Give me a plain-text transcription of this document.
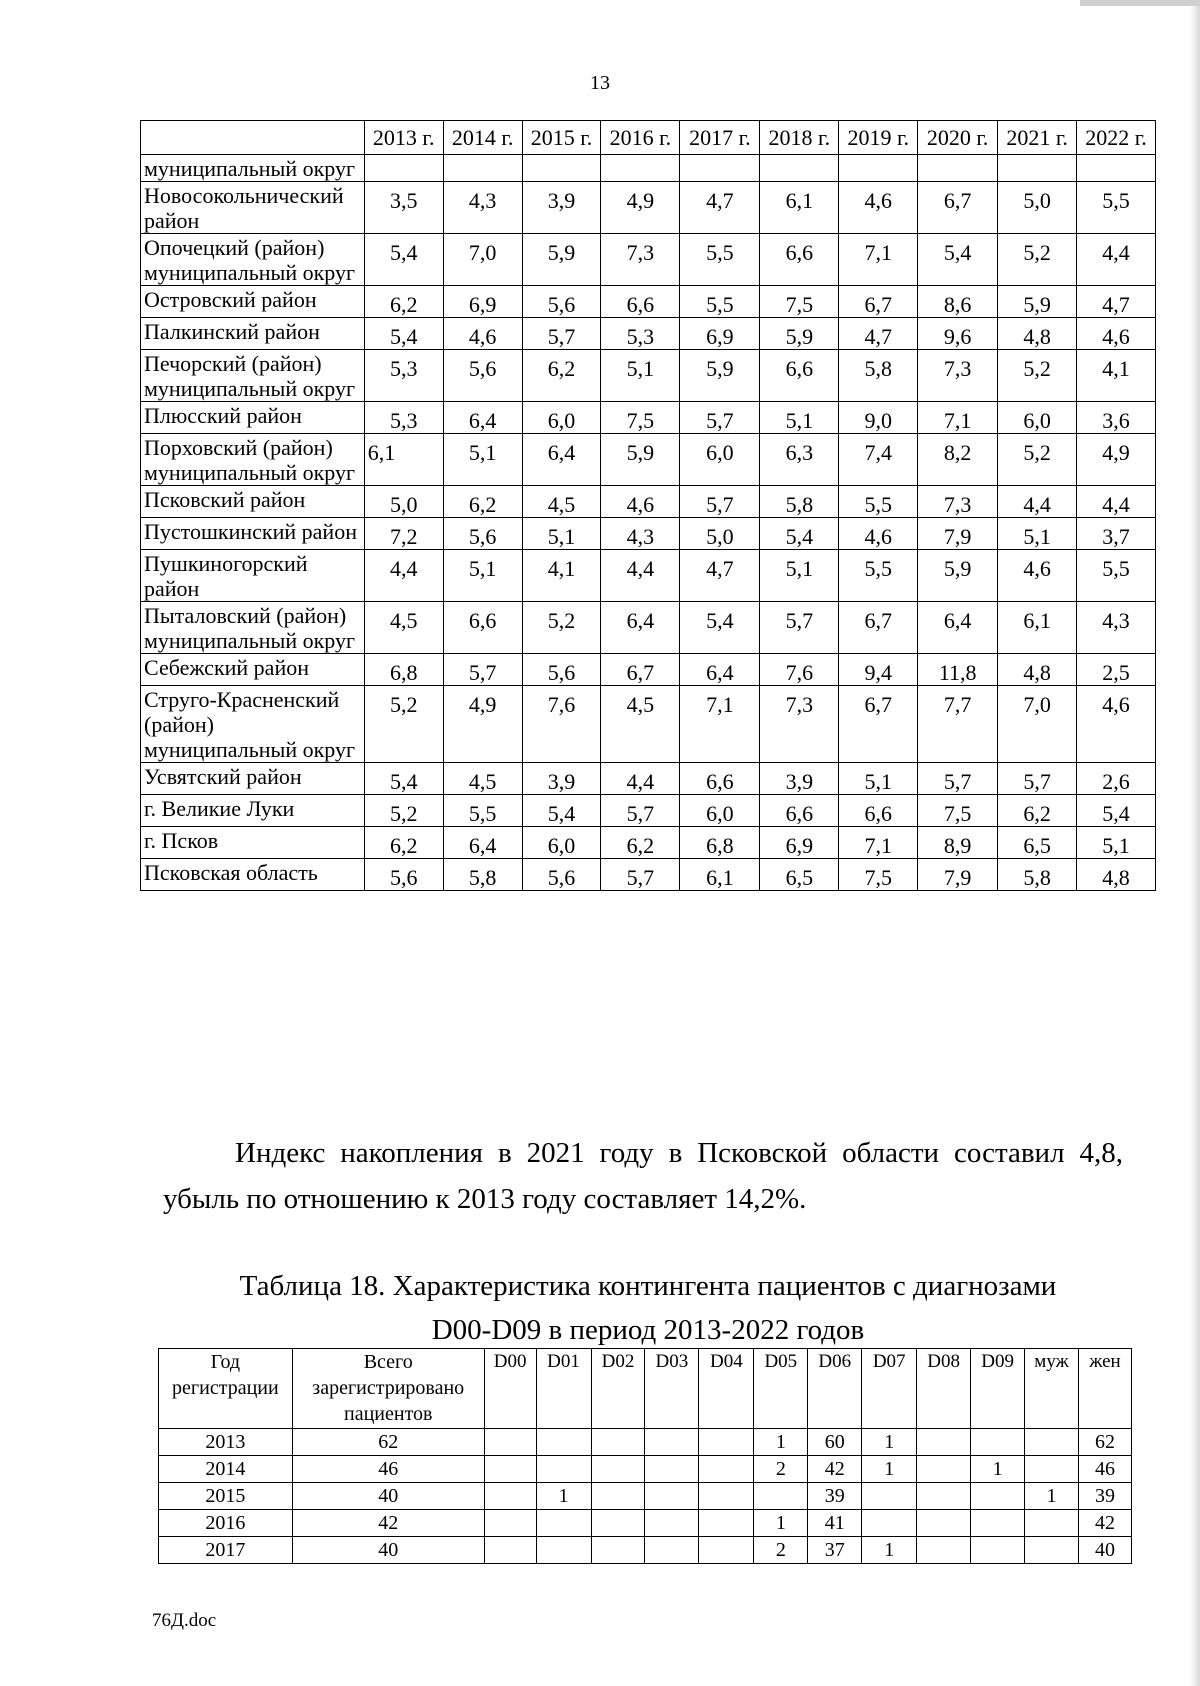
13
	2013 г.	2014 г.	2015 г.	2016 г.	2017 г.	2018 г.	2019 г.	2020 г.	2021 г.	2022 г.
муниципальный округ										
Новосокольнический район	3,5	4,3	3,9	4,9	4,7	6,1	4,6	6,7	5,0	5,5
Опочецкий (район) муниципальный округ	5,4	7,0	5,9	7,3	5,5	6,6	7,1	5,4	5,2	4,4
Островский район	6,2	6,9	5,6	6,6	5,5	7,5	6,7	8,6	5,9	4,7
Палкинский район	5,4	4,6	5,7	5,3	6,9	5,9	4,7	9,6	4,8	4,6
Печорский (район) муниципальный округ	5,3	5,6	6,2	5,1	5,9	6,6	5,8	7,3	5,2	4,1
Плюсский район	5,3	6,4	6,0	7,5	5,7	5,1	9,0	7,1	6,0	3,6
Порховский (район) муниципальный округ	6,1	5,1	6,4	5,9	6,0	6,3	7,4	8,2	5,2	4,9
Псковский район	5,0	6,2	4,5	4,6	5,7	5,8	5,5	7,3	4,4	4,4
Пустошкинский район	7,2	5,6	5,1	4,3	5,0	5,4	4,6	7,9	5,1	3,7
Пушкиногорский район	4,4	5,1	4,1	4,4	4,7	5,1	5,5	5,9	4,6	5,5
Пыталовский (район) муниципальный округ	4,5	6,6	5,2	6,4	5,4	5,7	6,7	6,4	6,1	4,3
Себежский район	6,8	5,7	5,6	6,7	6,4	7,6	9,4	11,8	4,8	2,5
Струго-Красненский (район) муниципальный округ	5,2	4,9	7,6	4,5	7,1	7,3	6,7	7,7	7,0	4,6
Усвятский район	5,4	4,5	3,9	4,4	6,6	3,9	5,1	5,7	5,7	2,6
г. Великие Луки	5,2	5,5	5,4	5,7	6,0	6,6	6,6	7,5	6,2	5,4
г. Псков	6,2	6,4	6,0	6,2	6,8	6,9	7,1	8,9	6,5	5,1
Псковская область	5,6	5,8	5,6	5,7	6,1	6,5	7,5	7,9	5,8	4,8
Индекс накопления в 2021 году в Псковской области составил 4,8, убыль по отношению к 2013 году составляет 14,2%.
Таблица 18. Характеристика контингента пациентов с диагнозами
D00-D09 в период 2013-2022 годов
Год регистрации	Всего зарегистрировано пациентов	D00	D01	D02	D03	D04	D05	D06	D07	D08	D09	муж	жен
2013	62						1	60	1				62
2014	46						2	42	1		1		46
2015	40		1					39				1	39
2016	42						1	41					42
2017	40						2	37	1				40
76Д.doc
